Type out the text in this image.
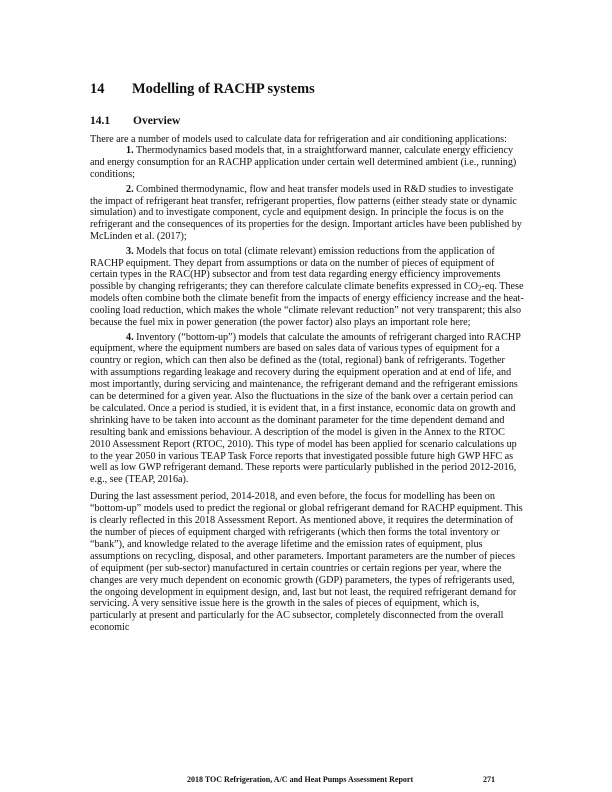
14 Modelling of RACHP systems
14.1 Overview

There are a number of models used to calculate data for refrigeration and air conditioning applications:

1. Thermodynamics based models that, in a straightforward manner, calculate energy efficiency and energy consumption for an RACHP application under certain well determined ambient (i.e., running) conditions;

2. Combined thermodynamic, flow and heat transfer models used in R&D studies to investigate the impact of refrigerant heat transfer, refrigerant properties, flow patterns (either steady state or dynamic simulation) and to investigate component, cycle and equipment design. In principle the focus is on the refrigerant and the consequences of its properties for the design. Important articles have been published by McLinden et al. (2017);

3. Models that focus on total (climate relevant) emission reductions from the application of RACHP equipment. They depart from assumptions or data on the number of pieces of equipment of certain types in the RAC(HP) subsector and from test data regarding energy efficiency improvements possible by changing refrigerants; they can therefore calculate climate benefits expressed in $CO_2-eq$. These models often combine both the climate benefit from the impacts of energy efficiency increase and the heat-cooling load reduction, which makes the whole “climate relevant reduction” not very transparent; this also because the fuel mix in power generation (the power factor) also plays an important role here;

4. Inventory (“bottom-up”) models that calculate the amounts of refrigerant charged into RACHP equipment, where the equipment numbers are based on sales data of various types of equipment for a country or region, which can then also be defined as the (total, regional) bank of refrigerants. Together with assumptions regarding leakage and recovery during the equipment operation and at end of life, and most importantly, during servicing and maintenance, the refrigerant demand and the refrigerant emissions can be determined for a given year. Also the fluctuations in the size of the bank over a certain period can be calculated. Once a period is studied, it is evident that, in a first instance, economic data on growth and shrinking have to be taken into account as the dominant parameter for the time dependent demand and resulting bank and emissions behaviour. A description of the model is given in the Annex to the RTOC 2010 Assessment Report (RTOC, 2010). This type of model has been applied for scenario calculations up to the year 2050 in various TEAP Task Force reports that investigated possible future high GWP HFC as well as low GWP refrigerant demand. These reports were particularly published in the period 2012-2016, e.g., see (TEAP, 2016a).

During the last assessment period, 2014-2018, and even before, the focus for modelling has been on “bottom-up” models used to predict the regional or global refrigerant demand for RACHP equipment. This is clearly reflected in this 2018 Assessment Report. As mentioned above, it requires the determination of the number of pieces of equipment charged with refrigerants (which then forms the total inventory or “bank”), and knowledge related to the average lifetime and the emission rates of equipment, plus assumptions on recycling, disposal, and other parameters. Important parameters are the number of pieces of equipment (per sub-sector) manufactured in certain countries or certain regions per year, where the changes are very much dependent on economic growth (GDP) parameters, the types of refrigerants used, the ongoing development in equipment design, and, last but not least, the required refrigerant demand for servicing. A very sensitive issue here is the growth in the sales of pieces of equipment, which is, particularly at present and particularly for the AC subsector, completely disconnected from the overall economic

2018 TOC Refrigeration, A/C and Heat Pumps Assessment Report	271
